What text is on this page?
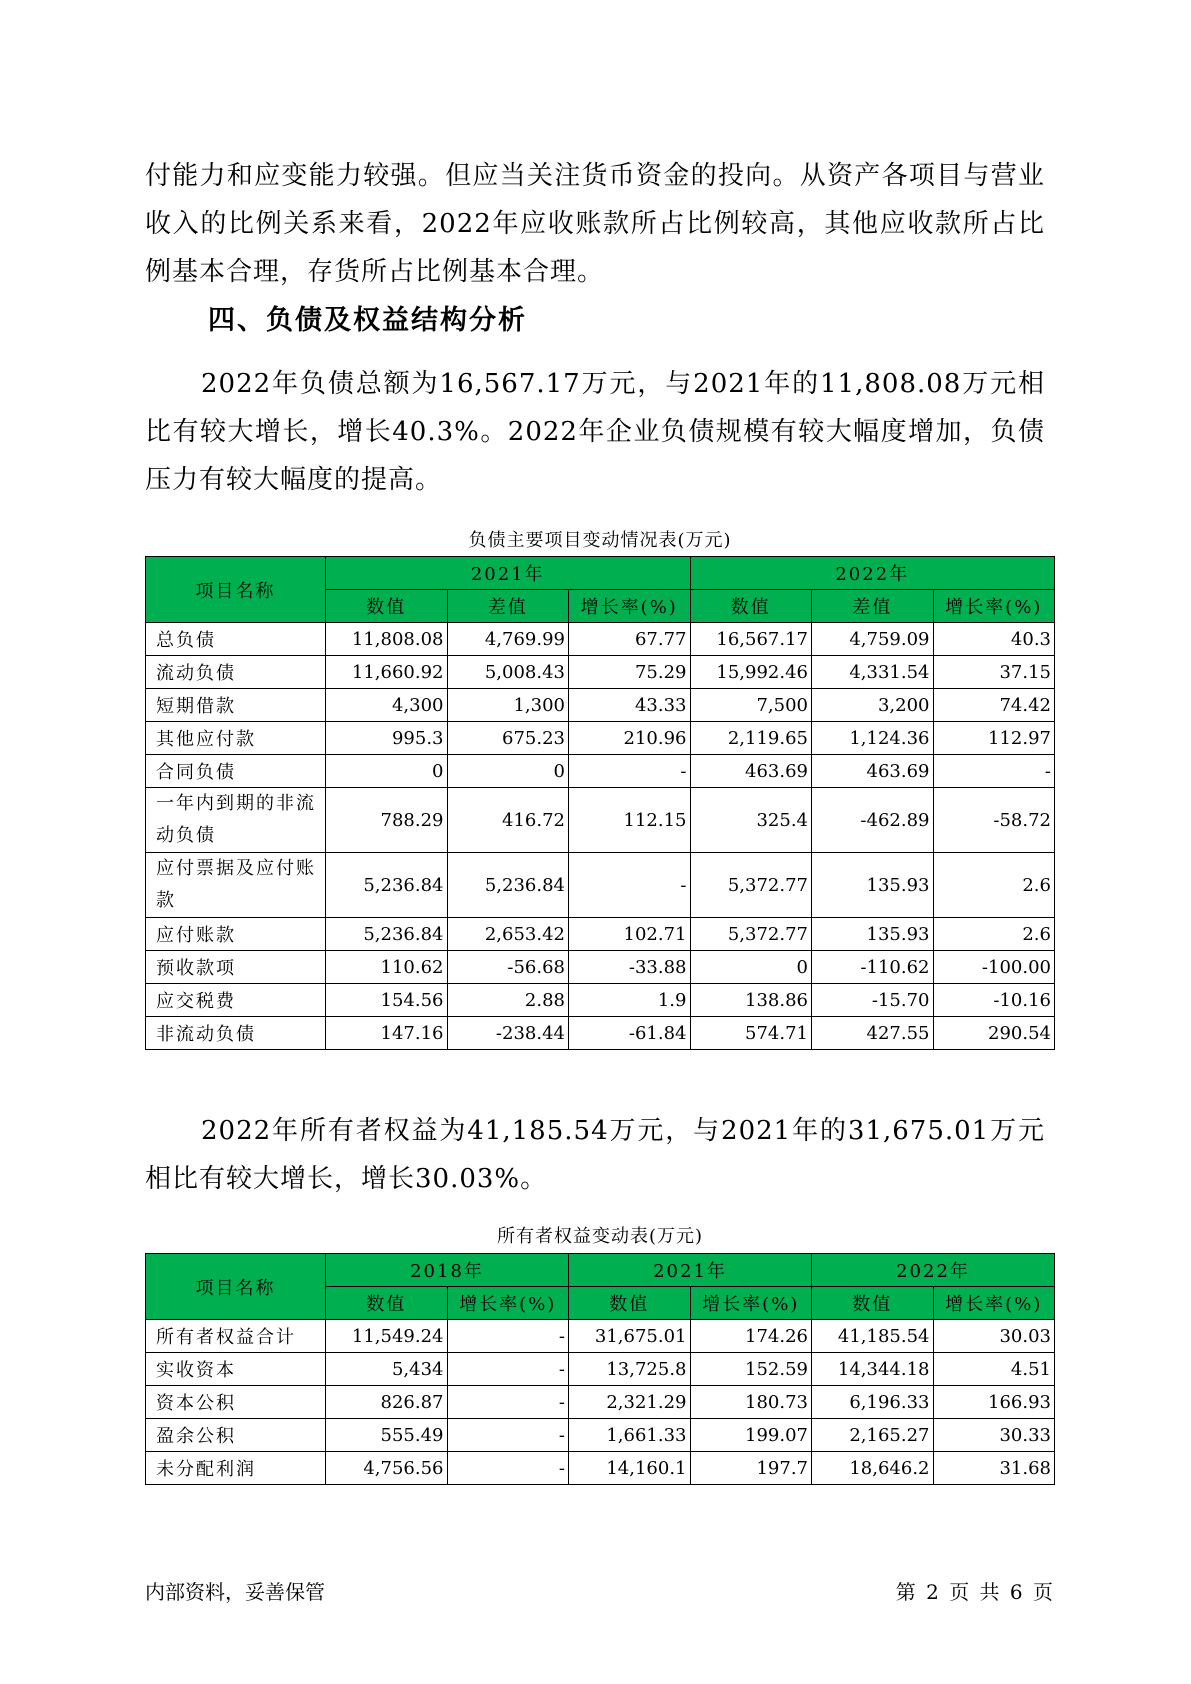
付能力和应变能力较强。但应当关注货币资金的投向。从资产各项目与营业收入的比例关系来看，2022年应收账款所占比例较高，其他应收款所占比例基本合理，存货所占比例基本合理。

四、负债及权益结构分析

2022年负债总额为16,567.17万元，与2021年的11,808.08万元相比有较大增长，增长40.3%。2022年企业负债规模有较大幅度增加，负债压力有较大幅度的提高。

负债主要项目变动情况表(万元)
项目名称	2021年			2022年		
	数值	差值	增长率(%)	数值	差值	增长率(%)
总负债	11,808.08	4,769.99	67.77	16,567.17	4,759.09	40.3
流动负债	11,660.92	5,008.43	75.29	15,992.46	4,331.54	37.15
短期借款	4,300	1,300	43.33	7,500	3,200	74.42
其他应付款	995.3	675.23	210.96	2,119.65	1,124.36	112.97
合同负债	0	0	-	463.69	463.69	-
一年内到期的非流动负债	788.29	416.72	112.15	325.4	-462.89	-58.72
应付票据及应付账款	5,236.84	5,236.84	-	5,372.77	135.93	2.6
应付账款	5,236.84	2,653.42	102.71	5,372.77	135.93	2.6
预收款项	110.62	-56.68	-33.88	0	-110.62	-100.00
应交税费	154.56	2.88	1.9	138.86	-15.70	-10.16
非流动负债	147.16	-238.44	-61.84	574.71	427.55	290.54

2022年所有者权益为41,185.54万元，与2021年的31,675.01万元相比有较大增长，增长30.03%。

所有者权益变动表(万元)
项目名称	2018年		2021年		2022年	
	数值	增长率(%)	数值	增长率(%)	数值	增长率(%)
所有者权益合计	11,549.24	-	31,675.01	174.26	41,185.54	30.03
实收资本	5,434	-	13,725.8	152.59	14,344.18	4.51
资本公积	826.87	-	2,321.29	180.73	6,196.33	166.93
盈余公积	555.49	-	1,661.33	199.07	2,165.27	30.33
未分配利润	4,756.56	-	14,160.1	197.7	18,646.2	31.68
内部资料，妥善保管	第 2 页 共 6 页
